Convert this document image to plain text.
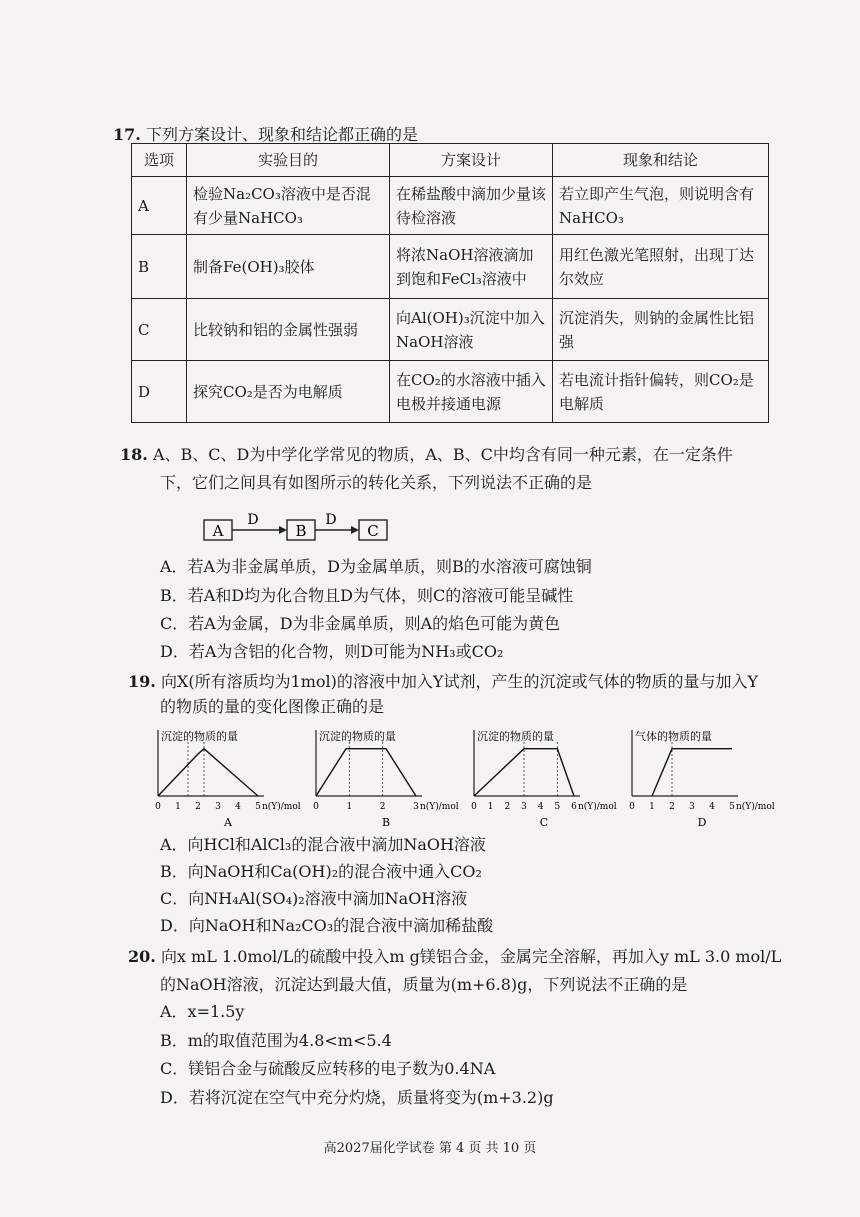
17. 下列方案设计、现象和结论都正确的是
选项	实验目的	方案设计	现象和结论
A	检验Na₂CO₃溶液中是否混有少量NaHCO₃	在稀盐酸中滴加少量该待检溶液	若立即产生气泡，则说明含有NaHCO₃
B	制备Fe(OH)₃胶体	将浓NaOH溶液滴加到饱和FeCl₃溶液中	用红色激光笔照射，出现丁达尔效应
C	比较钠和铝的金属性强弱	向Al(OH)₃沉淀中加入NaOH溶液	沉淀消失，则钠的金属性比铝强
D	探究CO₂是否为电解质	在CO₂的水溶液中插入电极并接通电源	若电流计指针偏转，则CO₂是电解质
18. A、B、C、D为中学化学常见的物质，A、B、C中均含有同一种元素，在一定条件
下，它们之间具有如图所示的转化关系，下列说法不正确的是
A
D
B
D
C
A．若A为非金属单质，D为金属单质，则B的水溶液可腐蚀铜
B．若A和D均为化合物且D为气体，则C的溶液可能呈碱性
C．若A为金属，D为非金属单质，则A的焰色可能为黄色
D．若A为含铝的化合物，则D可能为NH₃或CO₂
19. 向X(所有溶质均为1mol)的溶液中加入Y试剂，产生的沉淀或气体的物质的量与加入Y
的物质的量的变化图像正确的是
沉淀的物质的量
0 1 2 3 4 5 n(Y)/mol
A
沉淀的物质的量
0	1	2	3 n(Y)/mol
B
沉淀的物质的量
0 1 2 3 4 5 6 n(Y)/mol
C
气体的物质的量
0 1 2 3 4 5 n(Y)/mol
D
A．向HCl和AlCl₃的混合液中滴加NaOH溶液
B．向NaOH和Ca(OH)₂的混合液中通入CO₂
C．向NH₄Al(SO₄)₂溶液中滴加NaOH溶液
D．向NaOH和Na₂CO₃的混合液中滴加稀盐酸
20. 向x mL 1.0mol/L的硫酸中投入m g镁铝合金，金属完全溶解，再加入y mL 3.0 mol/L
的NaOH溶液，沉淀达到最大值，质量为(m+6.8)g，下列说法不正确的是
A．x=1.5y
B．m的取值范围为4.8<m<5.4
C．镁铝合金与硫酸反应转移的电子数为0.4NA
D．若将沉淀在空气中充分灼烧，质量将变为(m+3.2)g
高2027届化学试卷 第 4 页 共 10 页
